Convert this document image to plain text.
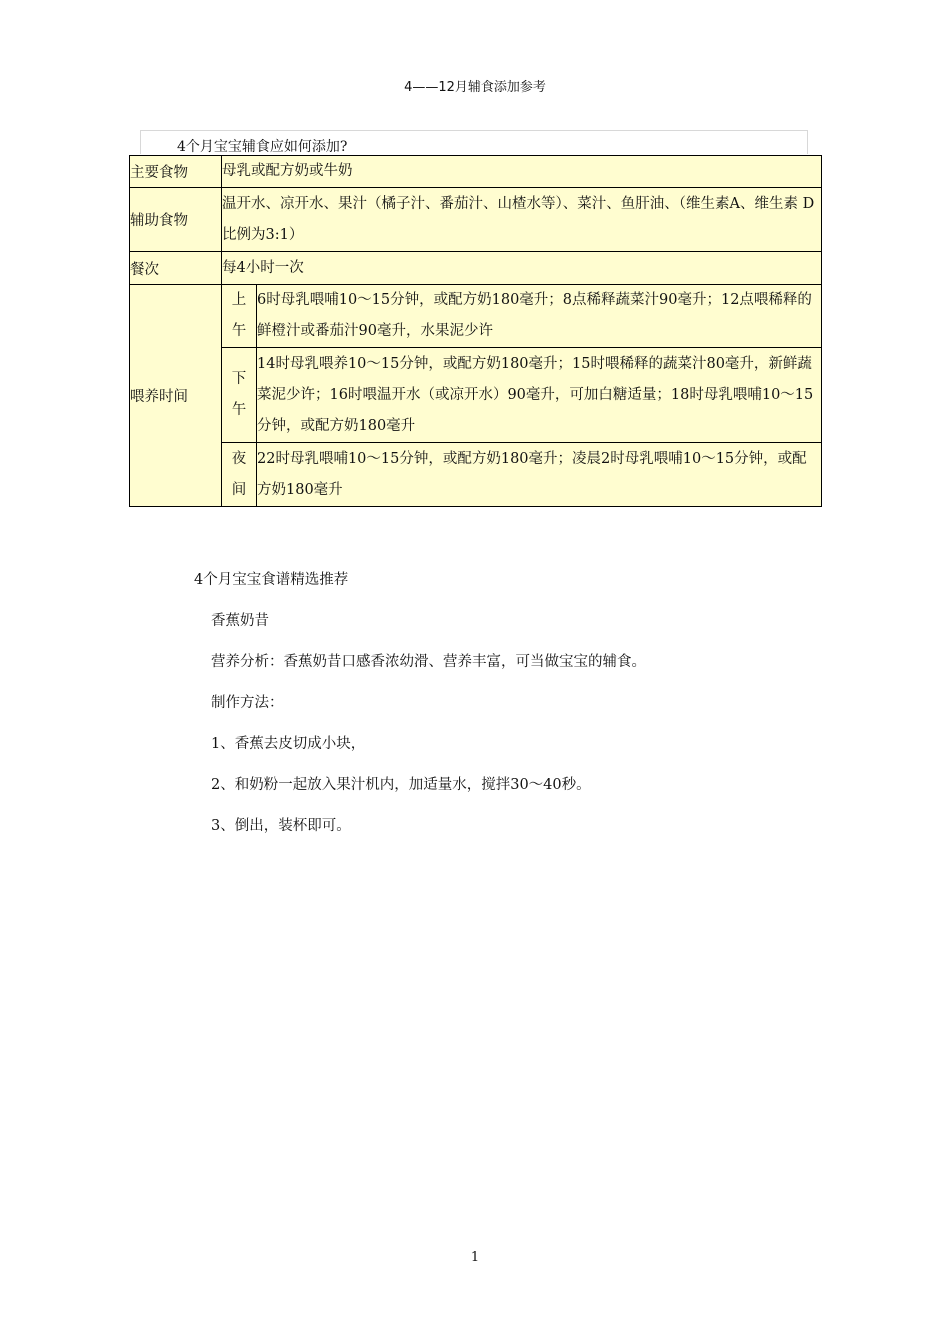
4——12月辅食添加参考
4个月宝宝辅食应如何添加?
主要食物	母乳或配方奶或牛奶	
辅助食物	温开水、凉开水、果汁（橘子汁、番茄汁、山楂水等）、菜汁、鱼肝油、（维生素A、维生素 D 比例为3:1）	
餐次	每4小时一次	
喂养时间	上午	6时母乳喂哺10～15分钟，或配方奶180毫升；8点稀释蔬菜汁90毫升；12点喂稀释的鲜橙汁或番茄汁90毫升，水果泥少许
	下午	14时母乳喂养10～15分钟，或配方奶180毫升；15时喂稀释的蔬菜汁80毫升，新鲜蔬菜泥少许；16时喂温开水（或凉开水）90毫升，可加白糖适量；18时母乳喂哺10～15分钟，或配方奶180毫升
	夜间	22时母乳喂哺10～15分钟，或配方奶180毫升；凌晨2时母乳喂哺10～15分钟，或配方奶180毫升
4个月宝宝食谱精选推荐
香蕉奶昔
营养分析：香蕉奶昔口感香浓幼滑、营养丰富，可当做宝宝的辅食。
制作方法：
1、香蕉去皮切成小块，
2、和奶粉一起放入果汁机内，加适量水，搅拌30～40秒。
3、倒出，装杯即可。
1
